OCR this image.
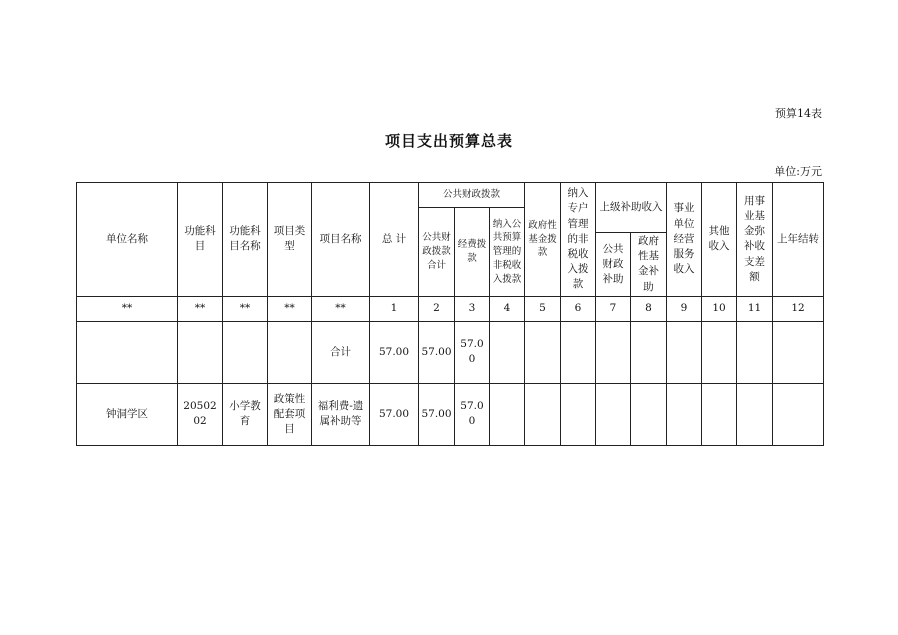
预算14表
项目支出预算总表
单位:万元
单位名称	功能科目	功能科目名称	项目类型	项目名称	总 计	公共财政拨款			政府性基金拨款	纳入专户管理的非税收入拨款	上级补助收入		事业单位经营服务收入	其他收入	用事业基金弥补收支差额	上年结转
						公共财政拨款合计	经费拨款	纳入公共预算管理的非税收入拨款								
											公共财政补助	政府性基金补助				
**	**	**	**	**	1	2	3	4	5	6	7	8	9	10	11	12
				合计	57.00	57.00	57.00									
钟洞学区	2050202	小学教育	政策性配套项目	福利费-遗属补助等	57.00	57.00	57.00									
